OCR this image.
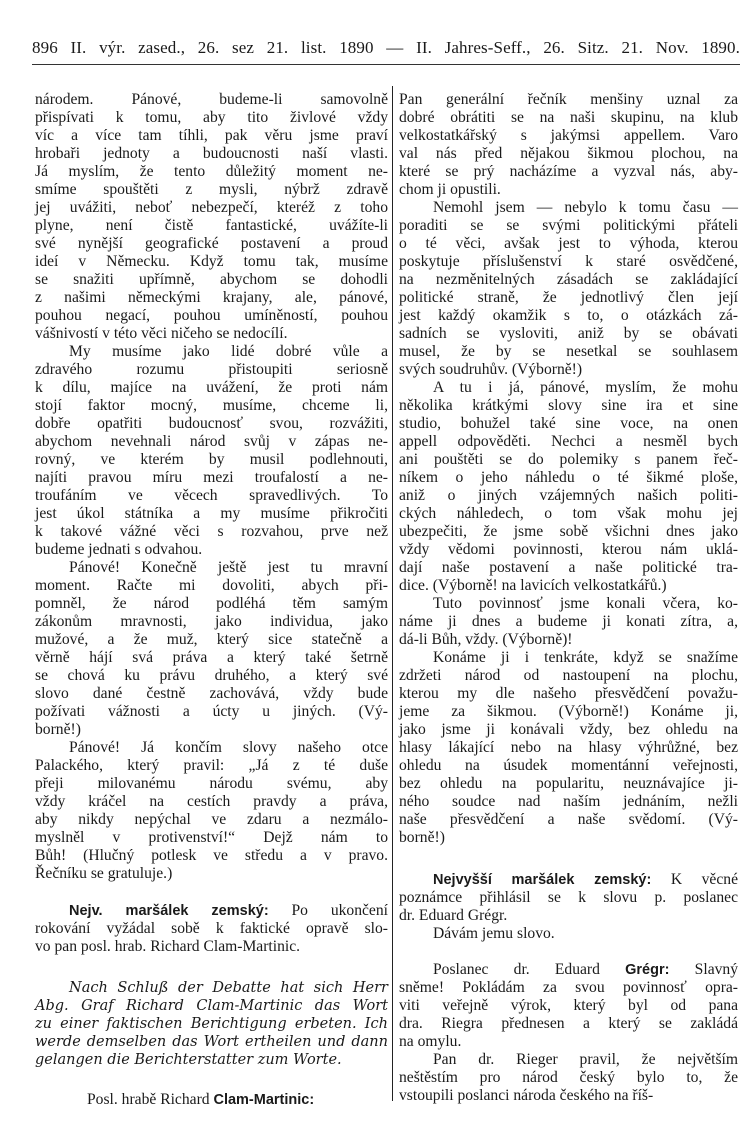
896 II. výr. zased., 26. sez 21. list. 1890 — II. Jahres-Seff., 26. Sitz. 21. Nov. 1890.
národem. Pánové, budeme-li samovolně
přispívati k tomu, aby tito živlové vždy
víc a více tam tíhli, pak věru jsme praví
hrobaři jednoty a budoucnosti naší vlasti.
Já myslím, že tento důležitý moment ne-
smíme spouštěti z mysli, nýbrž zdravě
jej uvážiti, neboť nebezpečí, kteréž z toho
plyne, není čistě fantastické, uvážíte-li
své nynější geografické postavení a proud
ideí v Německu. Když tomu tak, musíme
se snažiti upřímně, abychom se dohodli
z našimi německými krajany, ale, pánové,
pouhou negací, pouhou umíněností, pouhou
vášnivostí v této věci ničeho se nedocílí.
My musíme jako lidé dobré vůle a
zdravého rozumu přistoupiti seriosně
k dílu, majíce na uvážení, že proti nám
stojí faktor mocný, musíme, chceme li,
dobře opatřiti budoucnosť svou, rozvážiti,
abychom nevehnali národ svůj v zápas ne-
rovný, ve kterém by musil podlehnouti,
najíti pravou míru mezi troufalostí a ne-
troufáním ve věcech spravedlivých. To
jest úkol státníka a my musíme přikročiti
k takové vážné věci s rozvahou, prve než
budeme jednati s odvahou.
Pánové! Konečně ještě jest tu mravní
moment. Račte mi dovoliti, abych při-
pomněl, že národ podléhá těm samým
zákonům mravnosti, jako individua, jako
mužové, a že muž, který sice statečně a
věrně hájí svá práva a který také šetrně
se chová ku právu druhého, a který své
slovo dané čestně zachovává, vždy bude
požívati vážnosti a úcty u jiných. (Vý-
borně!)
Pánové! Já končím slovy našeho otce
Palackého, který pravil: „Já z té duše
přeji milovanému národu svému, aby
vždy kráčel na cestích pravdy a práva,
aby nikdy nepýchal ve zdaru a nezmálo-
myslněl v protivenství!“ Dejž nám to
Bůh! (Hlučný potlesk ve středu a v pravo.
Řečníku se gratuluje.)
Nejv. maršálek zemský: Po ukončení
rokování vyžádal sobě k faktické opravě slo-
vo pan posl. hrab. Richard Clam-Martinic.
Nach Schluß der Debatte hat sich Herr
Abg. Graf Richard Clam-Martinic das Wort
zu einer faktischen Berichtigung erbeten. Ich
werde demselben das Wort ertheilen und dann
gelangen die Berichterstatter zum Worte.
Posl. hrabě Richard Clam-Martinic:
Pan generální řečník menšiny uznal za
dobré obrátiti se na naši skupinu, na klub
velkostatkářský s jakýmsi appellem. Varo
val nás před nějakou šikmou plochou, na
které se prý nacházíme a vyzval nás, aby-
chom ji opustili.
Nemohl jsem — nebylo k tomu času —
poraditi se se svými politickými přáteli
o té věci, avšak jest to výhoda, kterou
poskytuje příslušenství k staré osvědčené,
na nezměnitelných zásadách se zakládající
politické straně, že jednotlivý člen její
jest každý okamžik s to, o otázkách zá-
sadních se vysloviti, aniž by se obávati
musel, že by se nesetkal se souhlasem
svých soudruhův. (Výborně!)
A tu i já, pánové, myslím, že mohu
několika krátkými slovy sine ira et sine
studio, bohužel také sine voce, na onen
appell odpověděti. Nechci a nesměl bych
ani pouštěti se do polemiky s panem řeč-
níkem o jeho náhledu o té šikmé ploše,
aniž o jiných vzájemných našich politi-
ckých náhledech, o tom však mohu jej
ubezpečiti, že jsme sobě všichni dnes jako
vždy vědomi povinnosti, kterou nám uklá-
dají naše postavení a naše politické tra-
dice. (Výborně! na lavicích velkostatkářů.)
Tuto povinnosť jsme konali včera, ko-
náme ji dnes a budeme ji konati zítra, a,
dá-li Bůh, vždy. (Výborně)!
Konáme ji i tenkráte, když se snažíme
zdržeti národ od nastoupení na plochu,
kterou my dle našeho přesvědčení považu-
jeme za šikmou. (Výborně!) Konáme ji,
jako jsme ji konávali vždy, bez ohledu na
hlasy lákající nebo na hlasy výhrůžné, bez
ohledu na úsudek momentánní veřejnosti,
bez ohledu na popularitu, neuznávajíce ji-
ného soudce nad naším jednáním, nežli
naše přesvědčení a naše svědomí. (Vý-
borně!)
Nejvyšší maršálek zemský: K věcné
poznámce přihlásil se k slovu p. poslanec
dr. Eduard Grégr.
Dávám jemu slovo.
Poslanec dr. Eduard Grégr: Slavný
sněme! Pokládám za svou povinnosť opra-
viti veřejně výrok, který byl od pana
dra. Riegra přednesen a který se zakládá
na omylu.
Pan dr. Rieger pravil, že největším
neštěstím pro národ český bylo to, že
vstoupili poslanci národa českého na říš-
